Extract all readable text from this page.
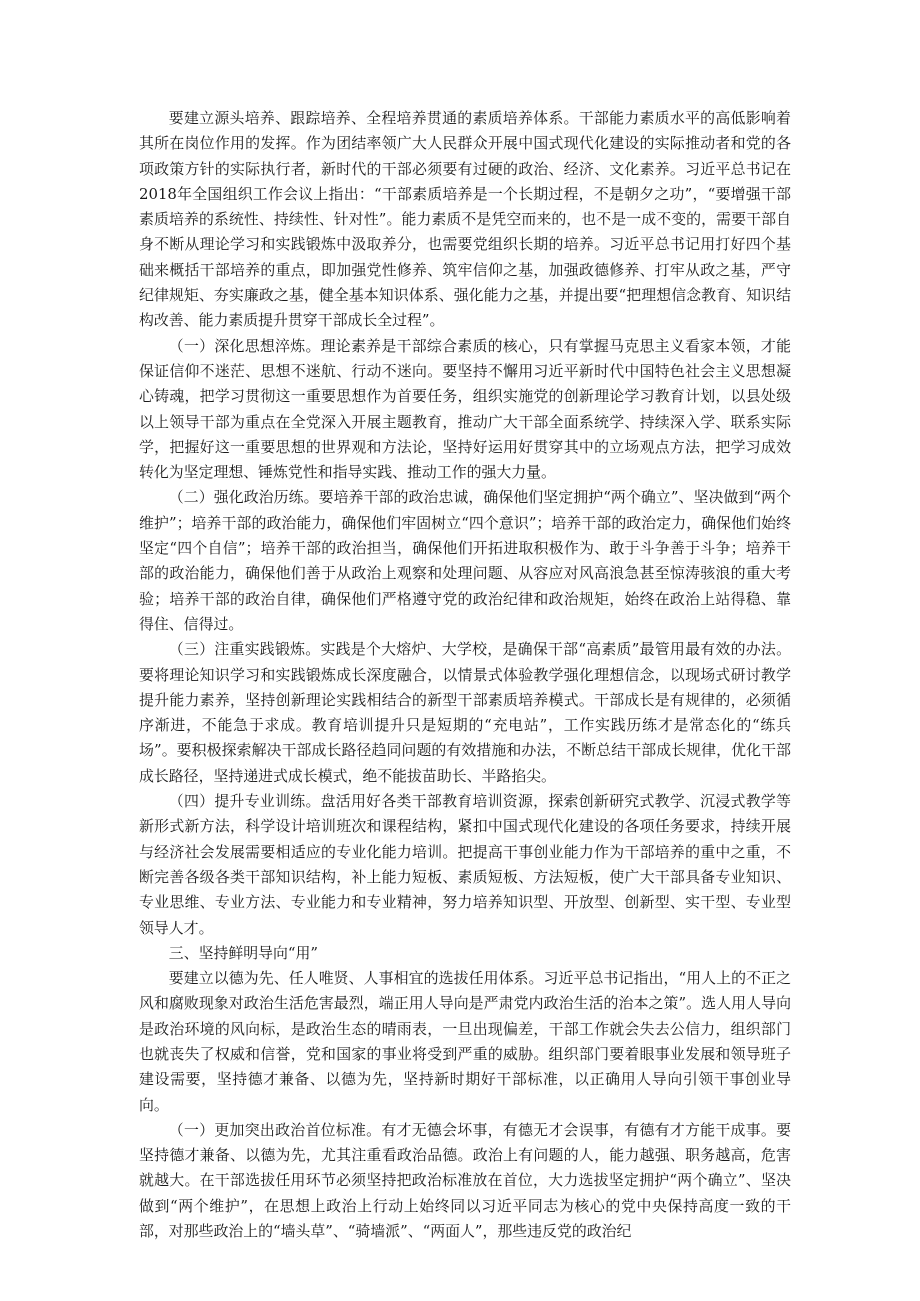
要建立源头培养、跟踪培养、全程培养贯通的素质培养体系。干部能力素质水平的高低影响着其所在岗位作用的发挥。作为团结率领广大人民群众开展中国式现代化建设的实际推动者和党的各项政策方针的实际执行者，新时代的干部必须要有过硬的政治、经济、文化素养。习近平总书记在2018年全国组织工作会议上指出：“干部素质培养是一个长期过程，不是朝夕之功”，“要增强干部素质培养的系统性、持续性、针对性”。能力素质不是凭空而来的，也不是一成不变的，需要干部自身不断从理论学习和实践锻炼中汲取养分，也需要党组织长期的培养。习近平总书记用打好四个基础来概括干部培养的重点，即加强党性修养、筑牢信仰之基，加强政德修养、打牢从政之基，严守纪律规矩、夯实廉政之基，健全基本知识体系、强化能力之基，并提出要“把理想信念教育、知识结构改善、能力素质提升贯穿干部成长全过程”。

（一）深化思想淬炼。理论素养是干部综合素质的核心，只有掌握马克思主义看家本领，才能保证信仰不迷茫、思想不迷航、行动不迷向。要坚持不懈用习近平新时代中国特色社会主义思想凝心铸魂，把学习贯彻这一重要思想作为首要任务，组织实施党的创新理论学习教育计划，以县处级以上领导干部为重点在全党深入开展主题教育，推动广大干部全面系统学、持续深入学、联系实际学，把握好这一重要思想的世界观和方法论，坚持好运用好贯穿其中的立场观点方法，把学习成效转化为坚定理想、锤炼党性和指导实践、推动工作的强大力量。

（二）强化政治历练。要培养干部的政治忠诚，确保他们坚定拥护“两个确立”、坚决做到“两个维护”；培养干部的政治能力，确保他们牢固树立“四个意识”；培养干部的政治定力，确保他们始终坚定“四个自信”；培养干部的政治担当，确保他们开拓进取积极作为、敢于斗争善于斗争；培养干部的政治能力，确保他们善于从政治上观察和处理问题、从容应对风高浪急甚至惊涛骇浪的重大考验；培养干部的政治自律，确保他们严格遵守党的政治纪律和政治规矩，始终在政治上站得稳、靠得住、信得过。

（三）注重实践锻炼。实践是个大熔炉、大学校，是确保干部“高素质”最管用最有效的办法。要将理论知识学习和实践锻炼成长深度融合，以情景式体验教学强化理想信念，以现场式研讨教学提升能力素养，坚持创新理论实践相结合的新型干部素质培养模式。干部成长是有规律的，必须循序渐进，不能急于求成。教育培训提升只是短期的“充电站”，工作实践历练才是常态化的“练兵场”。要积极探索解决干部成长路径趋同问题的有效措施和办法，不断总结干部成长规律，优化干部成长路径，坚持递进式成长模式，绝不能拔苗助长、半路掐尖。

（四）提升专业训练。盘活用好各类干部教育培训资源，探索创新研究式教学、沉浸式教学等新形式新方法，科学设计培训班次和课程结构，紧扣中国式现代化建设的各项任务要求，持续开展与经济社会发展需要相适应的专业化能力培训。把提高干事创业能力作为干部培养的重中之重，不断完善各级各类干部知识结构，补上能力短板、素质短板、方法短板，使广大干部具备专业知识、专业思维、专业方法、专业能力和专业精神，努力培养知识型、开放型、创新型、实干型、专业型领导人才。

三、坚持鲜明导向“用”

要建立以德为先、任人唯贤、人事相宜的选拔任用体系。习近平总书记指出，“用人上的不正之风和腐败现象对政治生活危害最烈，端正用人导向是严肃党内政治生活的治本之策”。选人用人导向是政治环境的风向标，是政治生态的晴雨表，一旦出现偏差，干部工作就会失去公信力，组织部门也就丧失了权威和信誉，党和国家的事业将受到严重的威胁。组织部门要着眼事业发展和领导班子建设需要，坚持德才兼备、以德为先，坚持新时期好干部标准，以正确用人导向引领干事创业导向。

（一）更加突出政治首位标准。有才无德会坏事，有德无才会误事，有德有才方能干成事。要坚持德才兼备、以德为先，尤其注重看政治品德。政治上有问题的人，能力越强、职务越高，危害就越大。在干部选拔任用环节必须坚持把政治标准放在首位，大力选拔坚定拥护“两个确立”、坚决做到“两个维护”，在思想上政治上行动上始终同以习近平同志为核心的党中央保持高度一致的干部，对那些政治上的“墙头草”、“骑墙派”、“两面人”，那些违反党的政治纪
